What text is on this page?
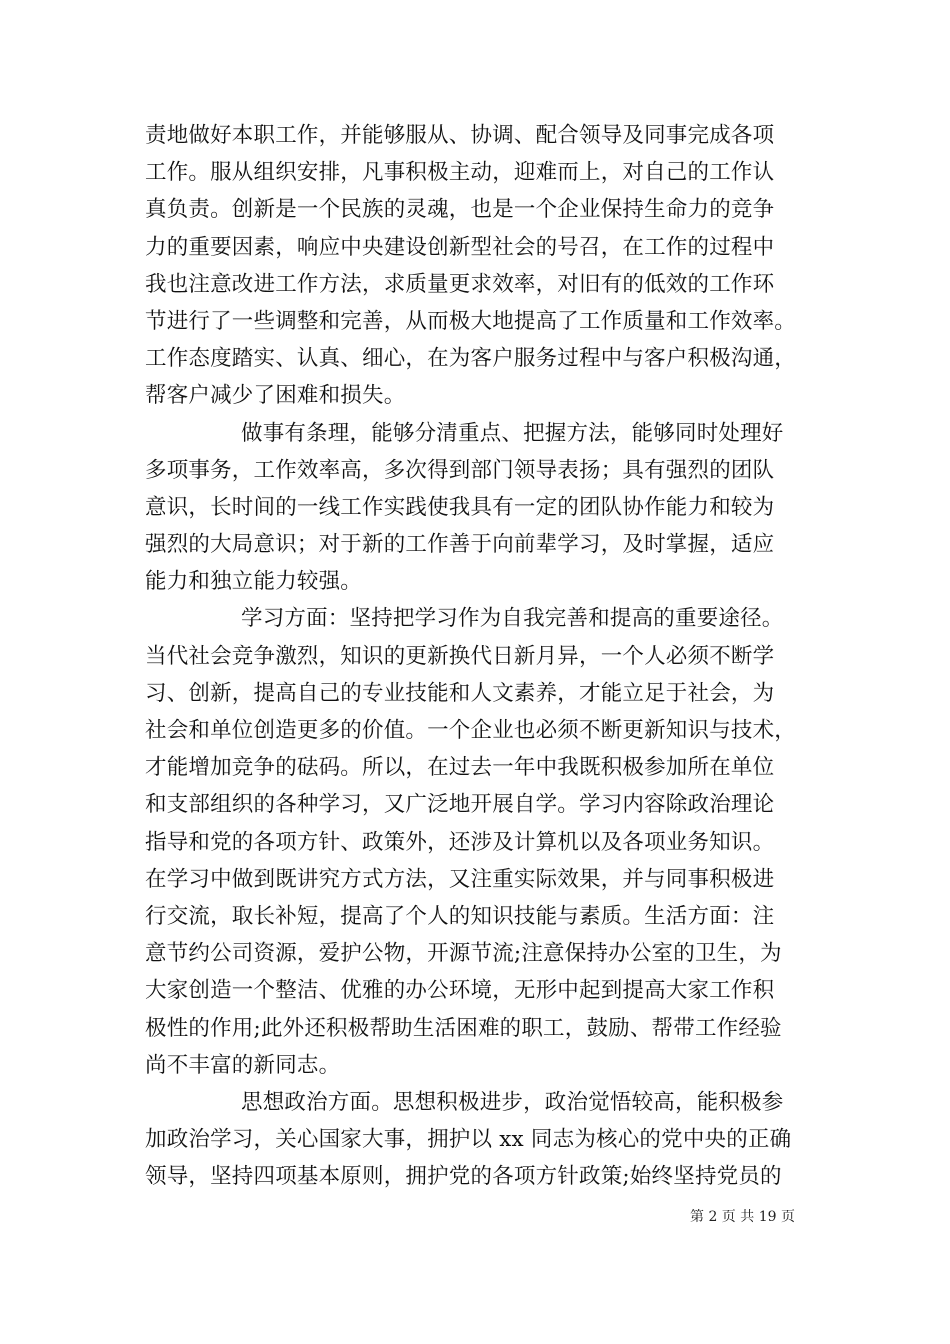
责地做好本职工作，并能够服从、协调、配合领导及同事完成各项
工作。服从组织安排，凡事积极主动，迎难而上，对自己的工作认
真负责。创新是一个民族的灵魂，也是一个企业保持生命力的竞争
力的重要因素，响应中央建设创新型社会的号召，在工作的过程中
我也注意改进工作方法，求质量更求效率，对旧有的低效的工作环
节进行了一些调整和完善，从而极大地提高了工作质量和工作效率。
工作态度踏实、认真、细心，在为客户服务过程中与客户积极沟通，
帮客户减少了困难和损失。
做事有条理，能够分清重点、把握方法，能够同时处理好
多项事务，工作效率高，多次得到部门领导表扬；具有强烈的团队
意识，长时间的一线工作实践使我具有一定的团队协作能力和较为
强烈的大局意识；对于新的工作善于向前辈学习，及时掌握，适应
能力和独立能力较强。
学习方面：坚持把学习作为自我完善和提高的重要途径。
当代社会竞争激烈，知识的更新换代日新月异，一个人必须不断学
习、创新，提高自己的专业技能和人文素养，才能立足于社会，为
社会和单位创造更多的价值。一个企业也必须不断更新知识与技术，
才能增加竞争的砝码。所以，在过去一年中我既积极参加所在单位
和支部组织的各种学习，又广泛地开展自学。学习内容除政治理论
指导和党的各项方针、政策外，还涉及计算机以及各项业务知识。
在学习中做到既讲究方式方法，又注重实际效果，并与同事积极进
行交流，取长补短，提高了个人的知识技能与素质。生活方面：注
意节约公司资源，爱护公物，开源节流;注意保持办公室的卫生，为
大家创造一个整洁、优雅的办公环境，无形中起到提高大家工作积
极性的作用;此外还积极帮助生活困难的职工，鼓励、帮带工作经验
尚不丰富的新同志。
思想政治方面。思想积极进步，政治觉悟较高，能积极参
加政治学习，关心国家大事，拥护以 xx 同志为核心的党中央的正确
领导，坚持四项基本原则，拥护党的各项方针政策;始终坚持党员的
第 2 页 共 19 页
